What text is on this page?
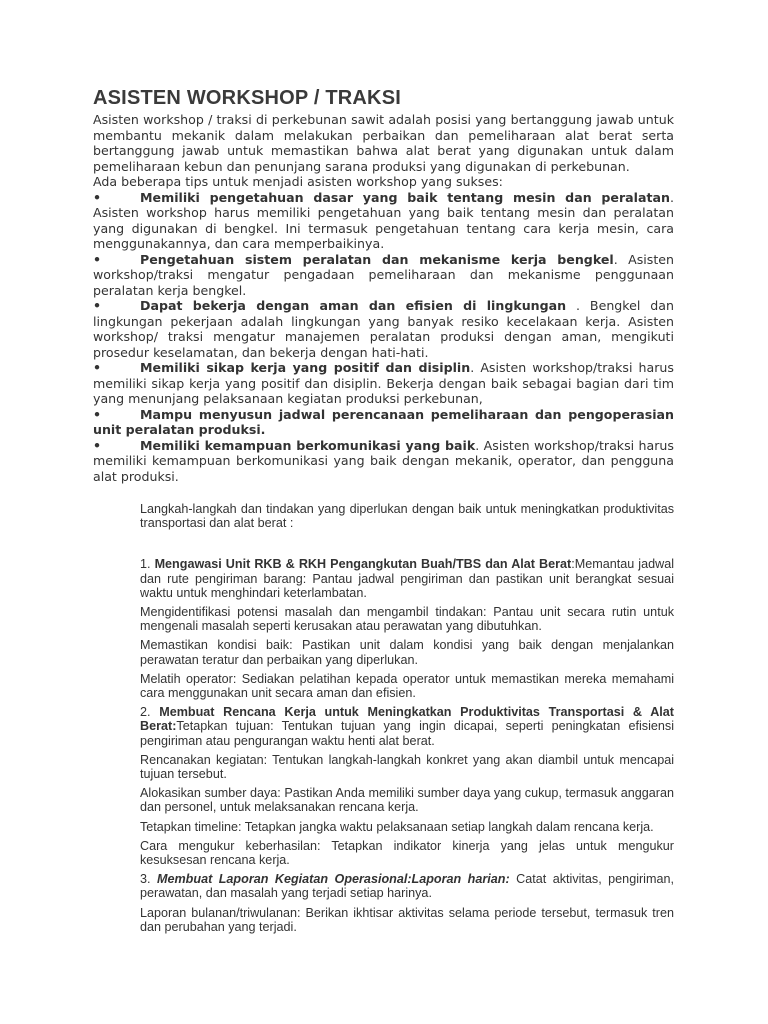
ASISTEN WORKSHOP / TRAKSI

Asisten workshop / traksi di perkebunan sawit adalah posisi yang bertanggung jawab untuk membantu mekanik dalam melakukan perbaikan dan pemeliharaan alat berat serta bertanggung jawab untuk memastikan bahwa alat berat yang digunakan untuk dalam pemeliharaan kebun dan penunjang sarana produksi yang digunakan di perkebunan.

Ada beberapa tips untuk menjadi asisten workshop yang sukses:

•	Memiliki pengetahuan dasar yang baik tentang mesin dan peralatan. Asisten workshop harus memiliki pengetahuan yang baik tentang mesin dan peralatan yang digunakan di bengkel. Ini termasuk pengetahuan tentang cara kerja mesin, cara menggunakannya, dan cara memperbaikinya.

•	Pengetahuan sistem peralatan dan mekanisme kerja bengkel. Asisten workshop/traksi mengatur pengadaan pemeliharaan dan mekanisme penggunaan peralatan kerja bengkel.

•	Dapat bekerja dengan aman dan efisien di lingkungan . Bengkel dan lingkungan pekerjaan adalah lingkungan yang banyak resiko kecelakaan kerja. Asisten workshop/ traksi mengatur manajemen peralatan produksi dengan aman, mengikuti prosedur keselamatan, dan bekerja dengan hati-hati.

•	Memiliki sikap kerja yang positif dan disiplin. Asisten workshop/traksi harus memiliki sikap kerja yang positif dan disiplin. Bekerja dengan baik sebagai bagian dari tim yang menunjang pelaksanaan kegiatan produksi perkebunan,

•	Mampu menyusun jadwal perencanaan pemeliharaan dan pengoperasian unit peralatan produksi.

•	Memiliki kemampuan berkomunikasi yang baik. Asisten workshop/traksi harus memiliki kemampuan berkomunikasi yang baik dengan mekanik, operator, dan pengguna alat produksi.

Langkah-langkah dan tindakan yang diperlukan dengan baik untuk meningkatkan produktivitas transportasi dan alat berat :

1. Mengawasi Unit RKB & RKH Pengangkutan Buah/TBS dan Alat Berat:Memantau jadwal dan rute pengiriman barang: Pantau jadwal pengiriman dan pastikan unit berangkat sesuai waktu untuk menghindari keterlambatan.

Mengidentifikasi potensi masalah dan mengambil tindakan: Pantau unit secara rutin untuk mengenali masalah seperti kerusakan atau perawatan yang dibutuhkan.

Memastikan kondisi baik: Pastikan unit dalam kondisi yang baik dengan menjalankan perawatan teratur dan perbaikan yang diperlukan.

Melatih operator: Sediakan pelatihan kepada operator untuk memastikan mereka memahami cara menggunakan unit secara aman dan efisien.

2. Membuat Rencana Kerja untuk Meningkatkan Produktivitas Transportasi & Alat Berat:Tetapkan tujuan: Tentukan tujuan yang ingin dicapai, seperti peningkatan efisiensi pengiriman atau pengurangan waktu henti alat berat.

Rencanakan kegiatan: Tentukan langkah-langkah konkret yang akan diambil untuk mencapai tujuan tersebut.

Alokasikan sumber daya: Pastikan Anda memiliki sumber daya yang cukup, termasuk anggaran dan personel, untuk melaksanakan rencana kerja.

Tetapkan timeline: Tetapkan jangka waktu pelaksanaan setiap langkah dalam rencana kerja.

Cara mengukur keberhasilan: Tetapkan indikator kinerja yang jelas untuk mengukur kesuksesan rencana kerja.

3. Membuat Laporan Kegiatan Operasional:Laporan harian: Catat aktivitas, pengiriman, perawatan, dan masalah yang terjadi setiap harinya.

Laporan bulanan/triwulanan: Berikan ikhtisar aktivitas selama periode tersebut, termasuk tren dan perubahan yang terjadi.
